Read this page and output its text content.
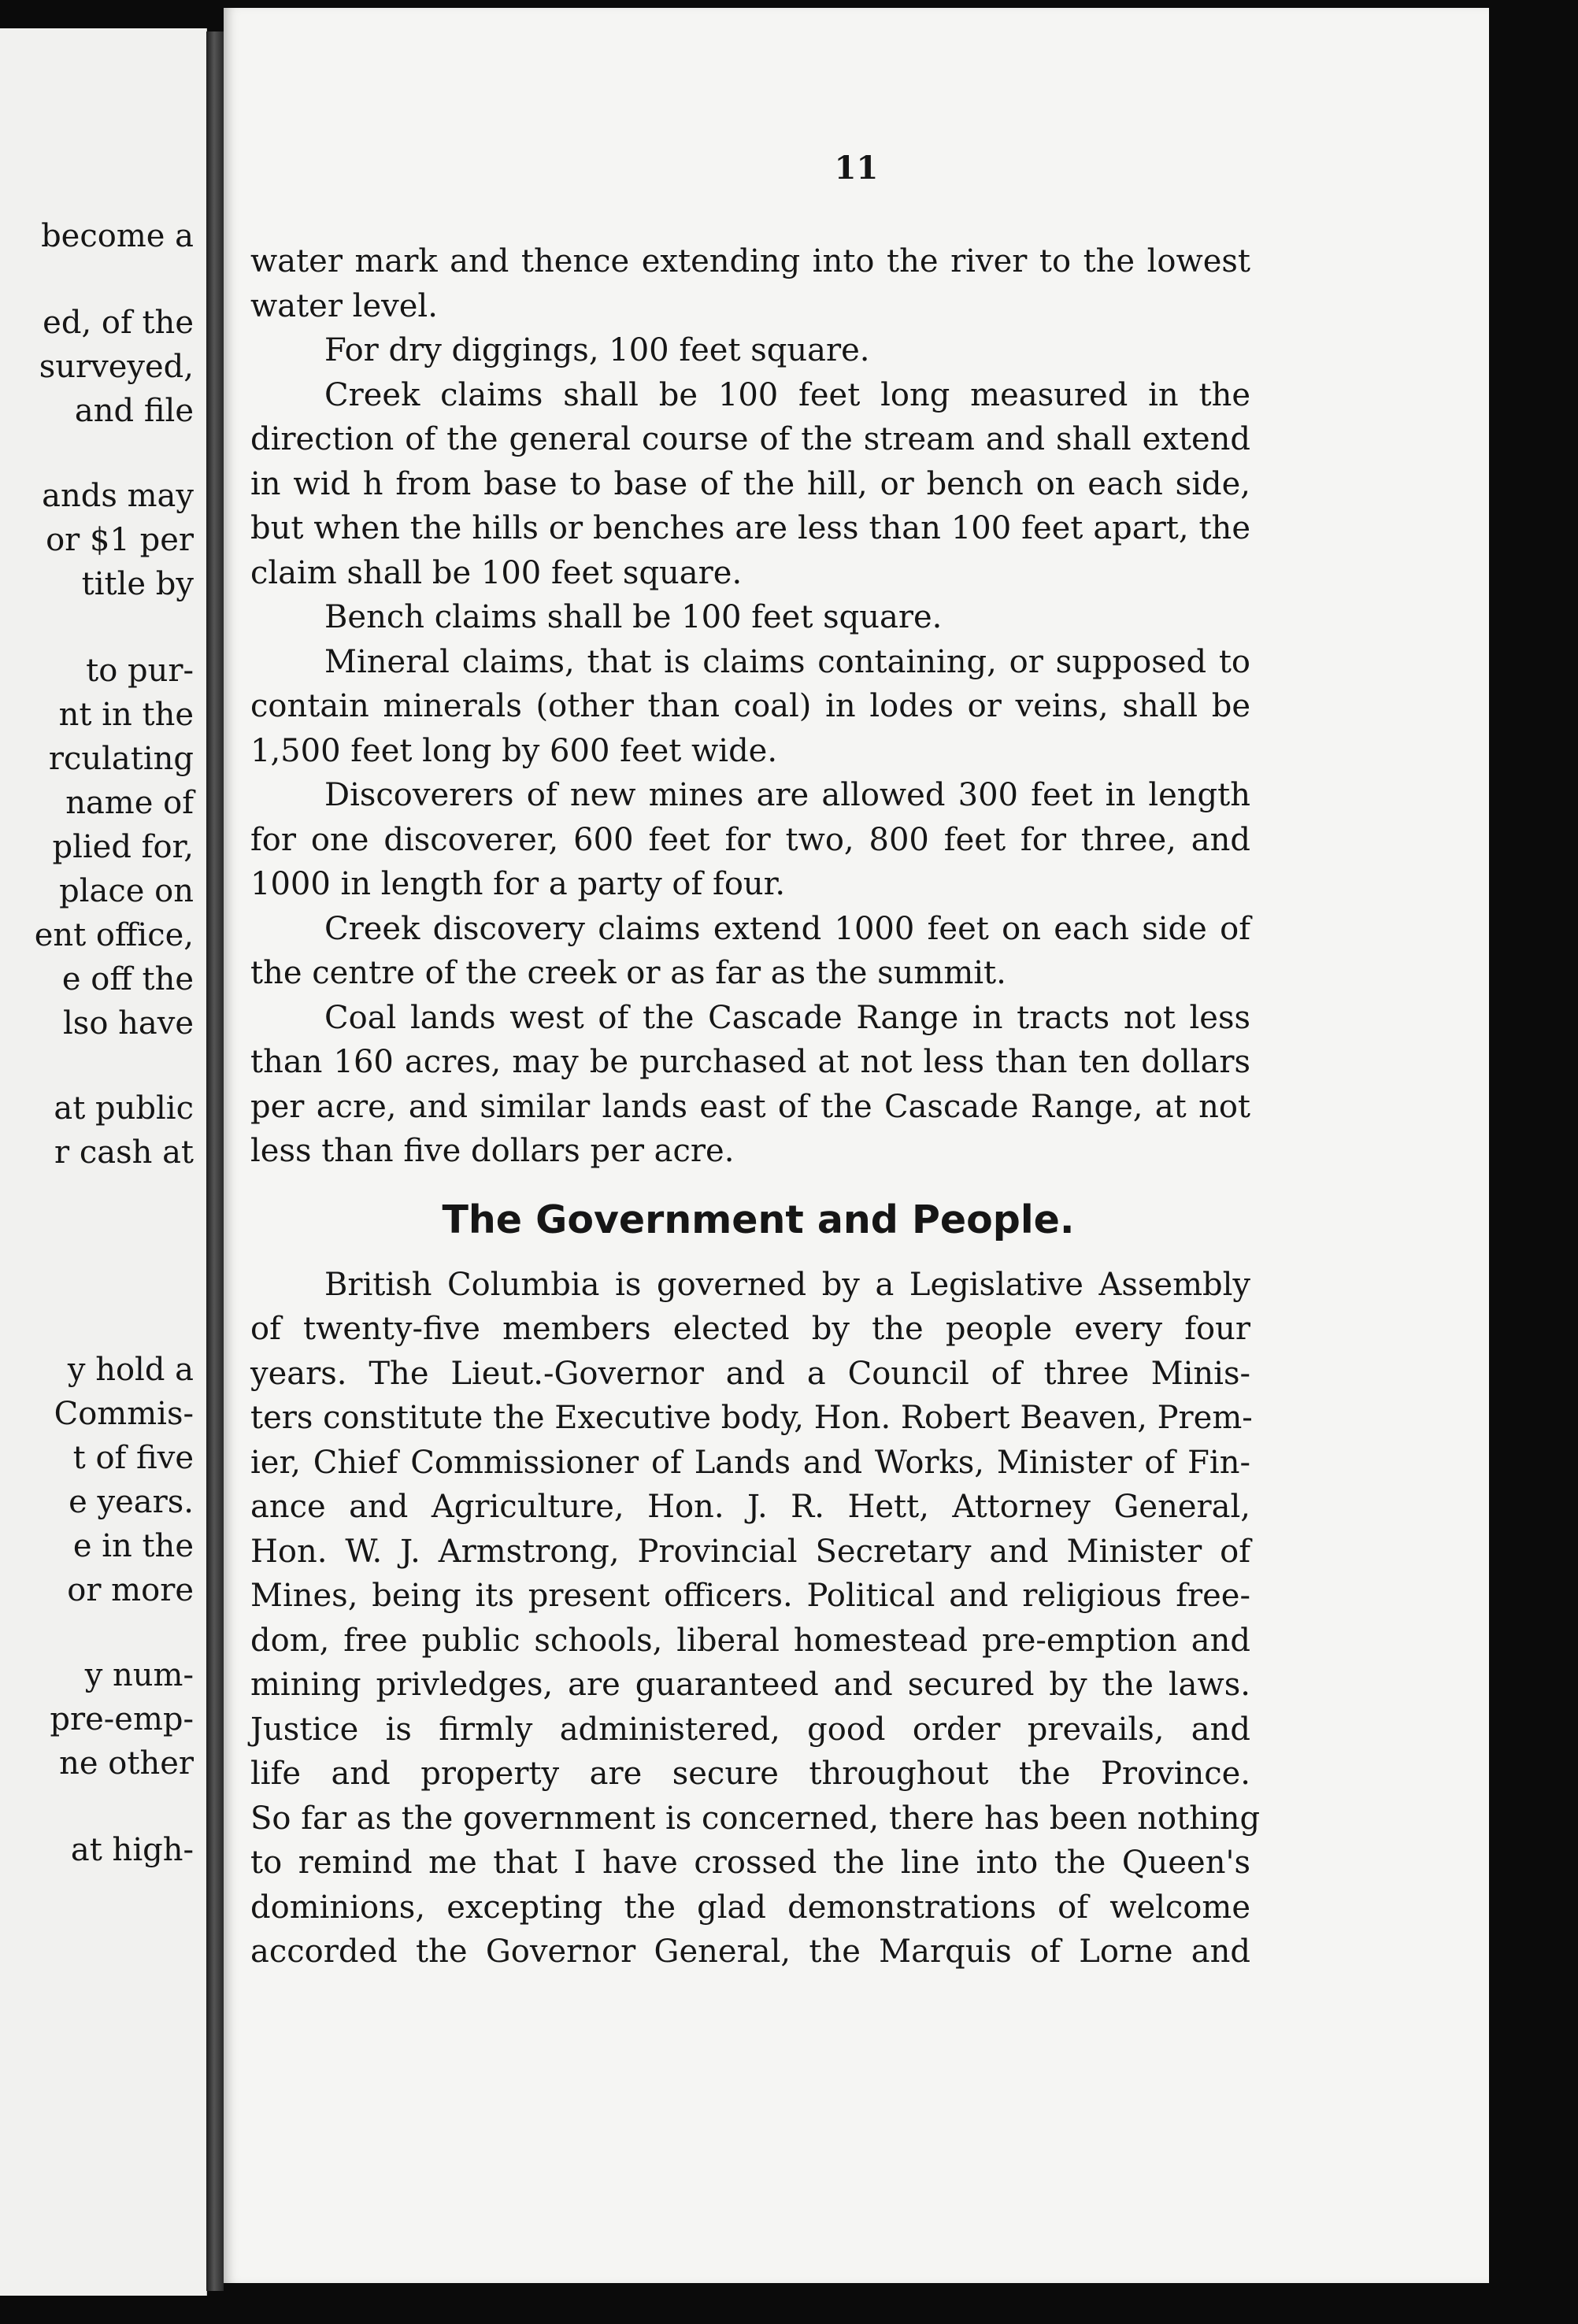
become a
ed, of the
surveyed,
and file
ands may
or $1 per
title by
to pur-
nt in the
rculating
name of
plied for,
place on
ent office,
e off the
lso have
at public
r cash at
y hold a
Commis-
t of five
e years.
e in the
or more
y num-
pre-emp-
ne other
at high-
11
water mark and thence extending into the river to the lowest
water level.
For dry diggings, 100 feet square.
Creek claims shall be 100 feet long measured in the
direction of the general course of the stream and shall extend
in wid h from base to base of the hill, or bench on each side,
but when the hills or benches are less than 100 feet apart, the
claim shall be 100 feet square.
Bench claims shall be 100 feet square.
Mineral claims, that is claims containing, or supposed to
contain minerals (other than coal) in lodes or veins, shall be
1,500 feet long by 600 feet wide.
Discoverers of new mines are allowed 300 feet in length
for one discoverer, 600 feet for two, 800 feet for three, and
1000 in length for a party of four.
Creek discovery claims extend 1000 feet on each side of
the centre of the creek or as far as the summit.
Coal lands west of the Cascade Range in tracts not less
than 160 acres, may be purchased at not less than ten dollars
per acre, and similar lands east of the Cascade Range, at not
less than five dollars per acre.
The Government and People.
British Columbia is governed by a Legislative Assembly
of twenty-five members elected by the people every four
years. The Lieut.-Governor and a Council of three Minis-
ters constitute the Executive body, Hon. Robert Beaven, Prem-
ier, Chief Commissioner of Lands and Works, Minister of Fin-
ance and Agriculture, Hon. J. R. Hett, Attorney General,
Hon. W. J. Armstrong, Provincial Secretary and Minister of
Mines, being its present officers. Political and religious free-
dom, free public schools, liberal homestead pre-emption and
mining privledges, are guaranteed and secured by the laws.
Justice is firmly administered, good order prevails, and
life and property are secure throughout the Province.
So far as the government is concerned, there has been nothing
to remind me that I have crossed the line into the Queen's
dominions, excepting the glad demonstrations of welcome
accorded the Governor General, the Marquis of Lorne and
